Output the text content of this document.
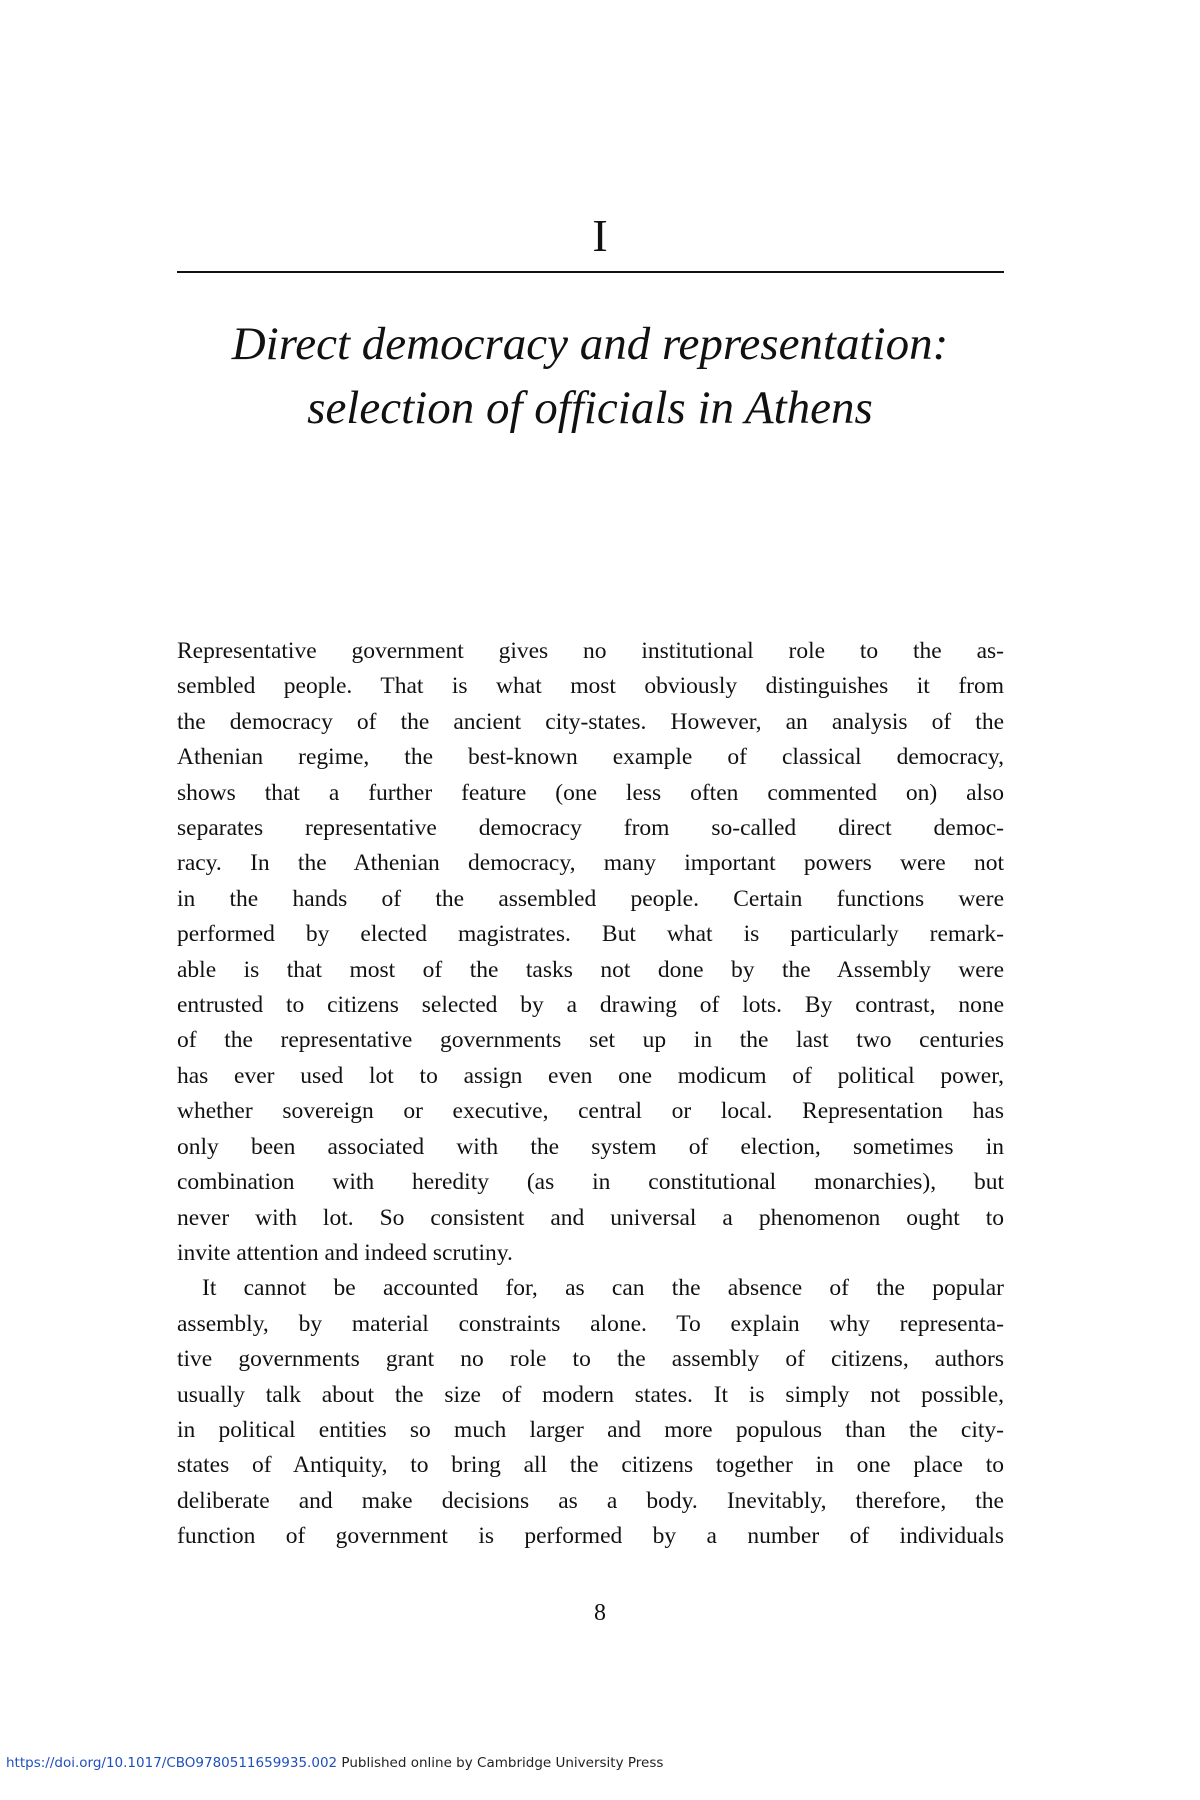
I
Direct democracy and representation:
selection of officials in Athens

Representative government gives no institutional role to the as-
sembled people. That is what most obviously distinguishes it from
the democracy of the ancient city-states. However, an analysis of the
Athenian regime, the best-known example of classical democracy,
shows that a further feature (one less often commented on) also
separates representative democracy from so-called direct democ-
racy. In the Athenian democracy, many important powers were not
in the hands of the assembled people. Certain functions were
performed by elected magistrates. But what is particularly remark-
able is that most of the tasks not done by the Assembly were
entrusted to citizens selected by a drawing of lots. By contrast, none
of the representative governments set up in the last two centuries
has ever used lot to assign even one modicum of political power,
whether sovereign or executive, central or local. Representation has
only been associated with the system of election, sometimes in
combination with heredity (as in constitutional monarchies), but
never with lot. So consistent and universal a phenomenon ought to
invite attention and indeed scrutiny.

It cannot be accounted for, as can the absence of the popular
assembly, by material constraints alone. To explain why representa-
tive governments grant no role to the assembly of citizens, authors
usually talk about the size of modern states. It is simply not possible,
in political entities so much larger and more populous than the city-
states of Antiquity, to bring all the citizens together in one place to
deliberate and make decisions as a body. Inevitably, therefore, the
function of government is performed by a number of individuals

8
https://doi.org/10.1017/CBO9780511659935.002 Published online by Cambridge University Press
